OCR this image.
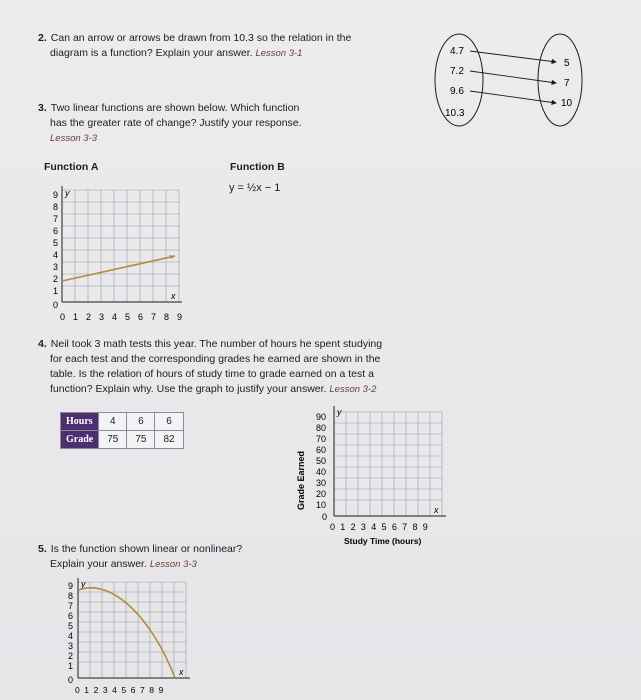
2. Can an arrow or arrows be drawn from 10.3 so the relation in the
diagram is a function? Explain your answer. Lesson 3-1	4.7
7.2
9.6
10.3
5
7
10
3. Two linear functions are shown below. Which function
has the greater rate of change? Justify your response.
Lesson 3-3
Function A	Function B
y = ½x − 1
y
x
9
8
7
6
5
4
3
2
1
0
0 1 2 3 4 5 6 7 8 9
4. Neil took 3 math tests this year. The number of hours he spent studying
for each test and the corresponding grades he earned are shown in the
table. Is the relation of hours of study time to grade earned on a test a
function? Explain why. Use the graph to justify your answer. Lesson 3-2
Hours	4	6	6
Grade	75	75	82
y
x
90
80
70
60
50
40
30
20
10
0
Grade Earned
0 1 2 3 4 5 6 7 8 9
Study Time (hours)
5. Is the function shown linear or nonlinear?
Explain your answer. Lesson 3-3
y
x
9
8
7
6
5
4
3
2
1
0
0 1 2 3 4 5 6 7 8 9
